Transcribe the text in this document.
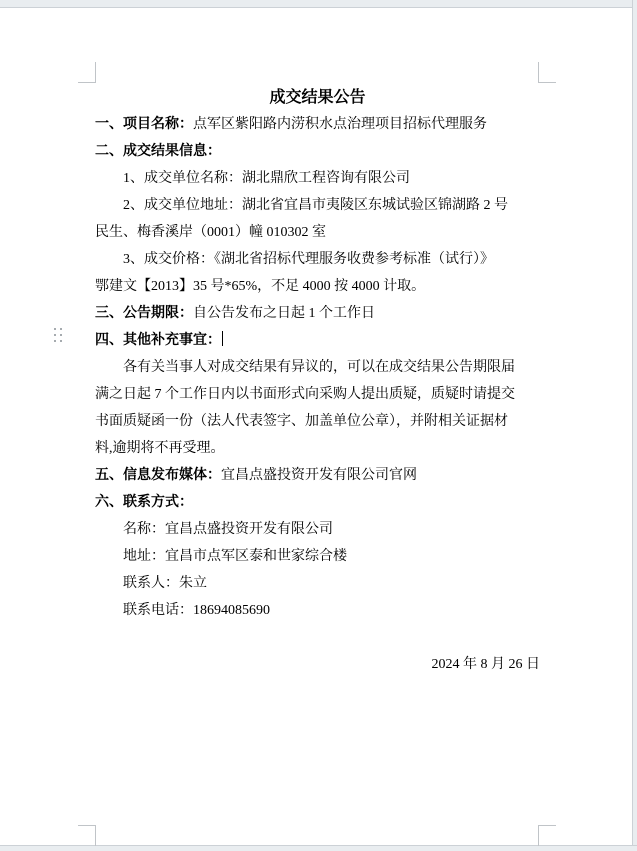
成交结果公告
一、项目名称：点军区紫阳路内涝积水点治理项目招标代理服务
二、成交结果信息：
1、成交单位名称：湖北鼎欣工程咨询有限公司
2、成交单位地址：湖北省宜昌市夷陵区东城试验区锦湖路 2 号
民生、梅香溪岸（0001）幢 010302 室
3、成交价格：《湖北省招标代理服务收费参考标准（试行）》
鄂建文【2013】35 号*65%，不足 4000 按 4000 计取。
三、公告期限：自公告发布之日起 1 个工作日
四、其他补充事宜：
各有关当事人对成交结果有异议的，可以在成交结果公告期限届
满之日起 7 个工作日内以书面形式向采购人提出质疑，质疑时请提交
书面质疑函一份（法人代表签字、加盖单位公章），并附相关证据材
料,逾期将不再受理。
五、信息发布媒体：宜昌点盛投资开发有限公司官网
六、联系方式：
名称：宜昌点盛投资开发有限公司
地址：宜昌市点军区泰和世家综合楼
联系人：朱立
联系电话：18694085690
2024 年 8 月 26 日
